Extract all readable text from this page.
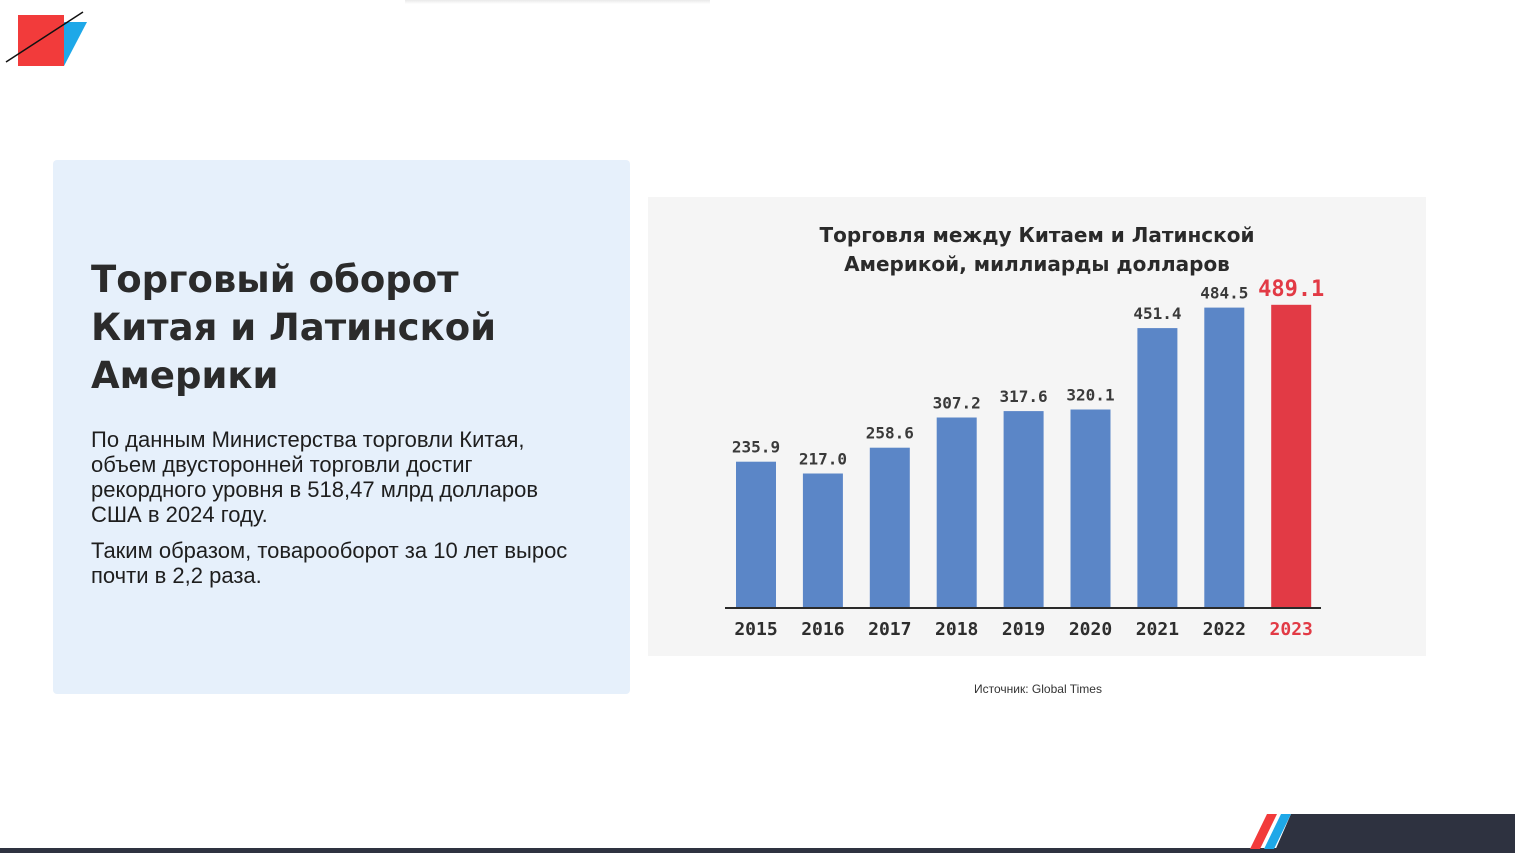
Торговый оборот Китая и Латинской Америки

По данным Министерства торговли Китая, объем двусторонней торговли достиг рекордного уровня в 518,47 млрд долларов США в 2024 году.

Таким образом, товарооборот за 10 лет вырос почти в 2,2 раза.

Торговля между Китаем и Латинской

Америкой, миллиарды долларов

235.9
2015
217.0
2016
258.6
2017
307.2
2018
317.6
2019
320.1
2020
451.4
2021
484.5
2022
489.1
2023
Источник: Global Times
